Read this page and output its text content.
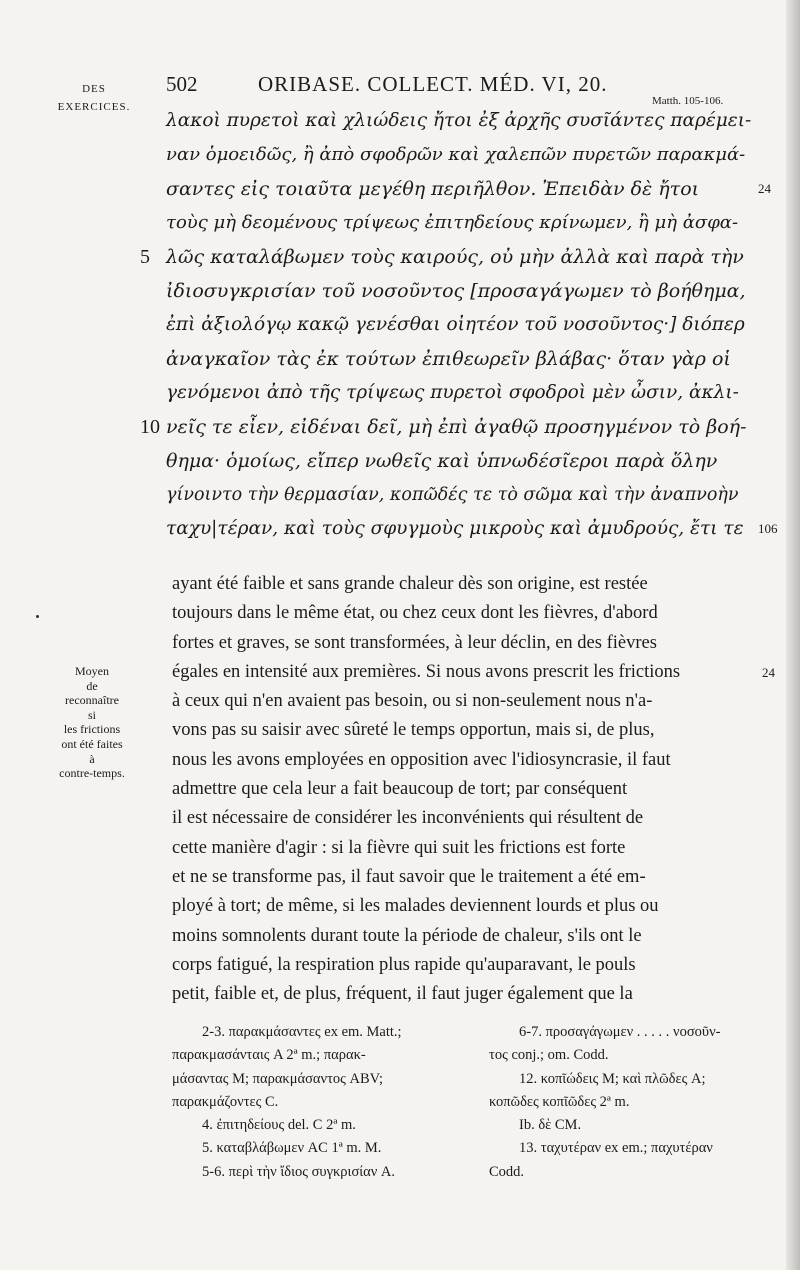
DES
EXERCICES.
502	ORIBASE. COLLECT. MÉD. VI, 20.
Matth. 105-106.
λακοὶ πυρετοὶ καὶ χλιώδεις ἤτοι ἐξ ἀρχῆς συσῖάντες παρέμει-
ναν ὁμοειδῶς, ἢ ἀπὸ σφοδρῶν καὶ χαλεπῶν πυρετῶν παρακμά-
σαντες εἰς τοιαῦτα μεγέθη περιῆλθον. Ἐπειδὰν δὲ ἤτοι	24
τοὺς μὴ δεομένους τρίψεως ἐπιτηδείους κρίνωμεν, ἢ μὴ ἀσφα-
5 λῶς καταλάβωμεν τοὺς καιρούς, οὐ μὴν ἀλλὰ καὶ παρὰ τὴν
ἰδιοσυγκρισίαν τοῦ νοσοῦντος [προσαγάγωμεν τὸ βοήθημα,
ἐπὶ ἀξιολόγῳ κακῷ γενέσθαι οἰητέον τοῦ νοσοῦντος·] διόπερ
ἀναγκαῖον τὰς ἐκ τούτων ἐπιθεωρεῖν βλάβας· ὅταν γὰρ οἱ
γενόμενοι ἀπὸ τῆς τρίψεως πυρετοὶ σφοδροὶ μὲν ὦσιν, ἀκλι-
10 νεῖς τε εἶεν, εἰδέναι δεῖ, μὴ ἐπὶ ἀγαθῷ προσηγμένον τὸ βοή-
θημα· ὁμοίως, εἴπερ νωθεῖς καὶ ὑπνωδέσῖεροι παρὰ ὅλην
γίνοιντο τὴν θερμασίαν, κοπῶδές τε τὸ σῶμα καὶ τὴν ἀναπνοὴν
ταχυ|τέραν, καὶ τοὺς σφυγμοὺς μικροὺς καὶ ἀμυδρούς, ἔτι τε 106
Moyen
de
reconnaître
si
les frictions
ont été faites
à
contre-temps.
ayant été faible et sans grande chaleur dès son origine, est restée
toujours dans le même état, ou chez ceux dont les fièvres, d'abord
fortes et graves, se sont transformées, à leur déclin, en des fièvres
égales en intensité aux premières. Si nous avons prescrit les frictions	24
à ceux qui n'en avaient pas besoin, ou si non-seulement nous n'a-
vons pas su saisir avec sûreté le temps opportun, mais si, de plus,
nous les avons employées en opposition avec l'idiosyncrasie, il faut
admettre que cela leur a fait beaucoup de tort; par conséquent
il est nécessaire de considérer les inconvénients qui résultent de
cette manière d'agir : si la fièvre qui suit les frictions est forte
et ne se transforme pas, il faut savoir que le traitement a été em-
ployé à tort; de même, si les malades deviennent lourds et plus ou
moins somnolents durant toute la période de chaleur, s'ils ont le
corps fatigué, la respiration plus rapide qu'auparavant, le pouls
petit, faible et, de plus, fréquent, il faut juger également que la
2-3. παρακμάσαντες ex em. Matt.;
παρακμασάνταις A 2ª m.; παρακ-
μάσαντας M; παρακμάσαντος ABV;
παρακμάζοντες C.
4. ἐπιτηδείους del. C 2ª m.
5. καταβλάβωμεν AC 1ª m. M.
5-6. περὶ τὴν ἴδιος συγκρισίαν A.
6-7. προσαγάγωμεν . . . . . νοσοῦν-
τος conj.; om. Codd.
12. κοπῖώδεις M; καὶ πλῶδες A;
κοπῶδες κοπῖῶδες 2ª m.
Ib. δὲ CM.
13. ταχυτέραν ex em.; παχυτέραν
Codd.
